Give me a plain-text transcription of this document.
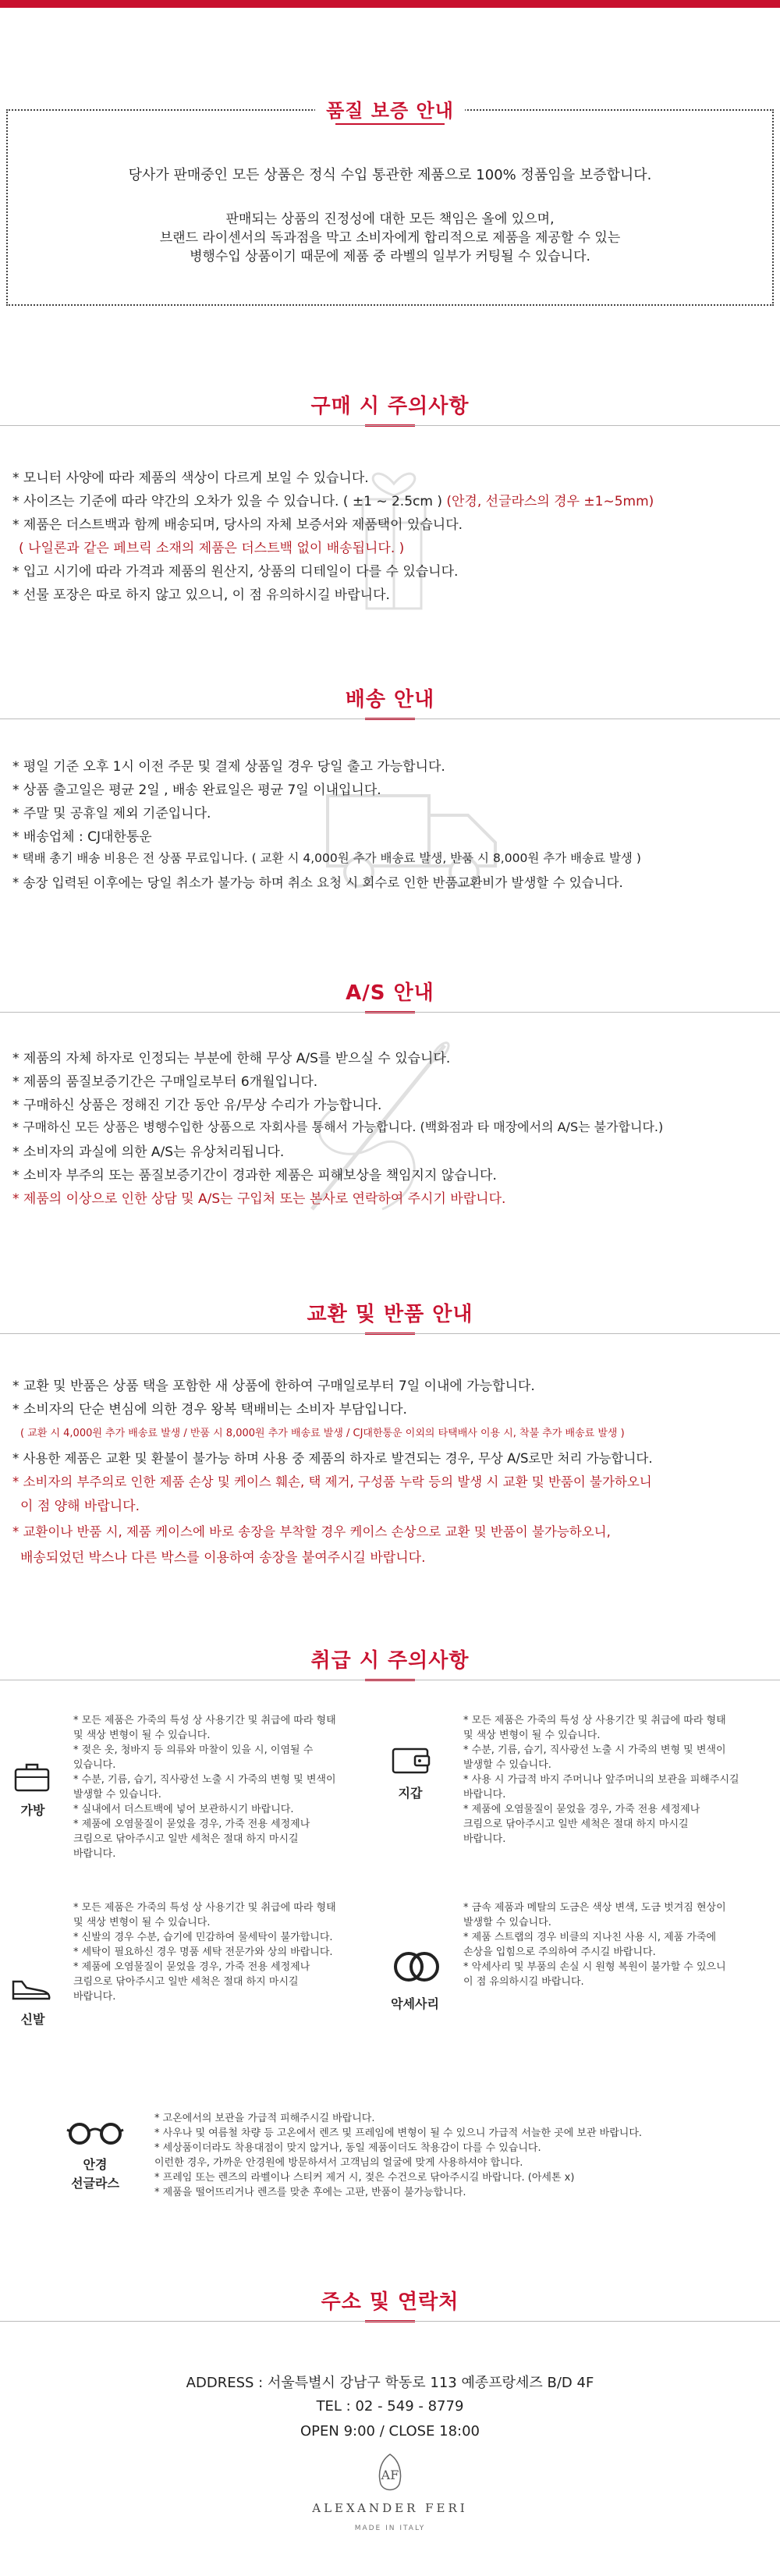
품질 보증 안내
당사가 판매중인 모든 상품은 정식 수입 통관한 제품으로 100% 정품임을 보증합니다.
판매되는 상품의 진정성에 대한 모든 책임은 올에 있으며,
브랜드 라이센서의 독과점을 막고 소비자에게 합리적으로 제품을 제공할 수 있는
병행수입 상품이기 때문에 제품 중 라벨의 일부가 커팅될 수 있습니다.
구매 시 주의사항
* 모니터 사양에 따라 제품의 색상이 다르게 보일 수 있습니다.
* 사이즈는 기준에 따라 약간의 오차가 있을 수 있습니다. ( ±1 ~ 2.5cm ) (안경, 선글라스의 경우 ±1~5mm)
* 제품은 더스트백과 함께 배송되며, 당사의 자체 보증서와 제품택이 있습니다.
( 나일론과 같은 페브릭 소재의 제품은 더스트백 없이 배송됩니다. )
* 입고 시기에 따라 가격과 제품의 원산지, 상품의 디테일이 다를 수 있습니다.
* 선물 포장은 따로 하지 않고 있으니, 이 점 유의하시길 바랍니다.
배송 안내
* 평일 기준 오후 1시 이전 주문 및 결제 상품일 경우 당일 출고 가능합니다.
* 상품 출고일은 평균 2일 , 배송 완료일은 평균 7일 이내입니다.
* 주말 및 공휴일 제외 기준입니다.
* 배송업체 : CJ대한통운
* 택배 총기 배송 비용은 전 상품 무료입니다. ( 교환 시 4,000원 추가 배송료 발생, 반품 시 8,000원 추가 배송료 발생 )
* 송장 입력된 이후에는 당일 취소가 불가능 하며 취소 요청 시 회수로 인한 반품교환비가 발생할 수 있습니다.
A/S 안내
* 제품의 자체 하자로 인정되는 부분에 한해 무상 A/S를 받으실 수 있습니다.
* 제품의 품질보증기간은 구매일로부터 6개월입니다.
* 구매하신 상품은 정해진 기간 동안 유/무상 수리가 가능합니다.
* 구매하신 모든 상품은 병행수입한 상품으로 자회사를 통해서 가능합니다. (백화점과 타 매장에서의 A/S는 불가합니다.)
* 소비자의 과실에 의한 A/S는 유상처리됩니다.
* 소비자 부주의 또는 품질보증기간이 경과한 제품은 피해보상을 책임지지 않습니다.
* 제품의 이상으로 인한 상담 및 A/S는 구입처 또는 본사로 연락하여 주시기 바랍니다.
교환 및 반품 안내
* 교환 및 반품은 상품 택을 포함한 새 상품에 한하여 구매일로부터 7일 이내에 가능합니다.
* 소비자의 단순 변심에 의한 경우 왕복 택배비는 소비자 부담입니다.
( 교환 시 4,000원 추가 배송료 발생 / 반품 시 8,000원 추가 배송료 발생 / CJ대한통운 이외의 타택배사 이용 시, 착불 추가 배송료 발생 )
* 사용한 제품은 교환 및 환불이 불가능 하며 사용 중 제품의 하자로 발견되는 경우, 무상 A/S로만 처리 가능합니다.
* 소비자의 부주의로 인한 제품 손상 및 케이스 훼손, 택 제거, 구성품 누락 등의 발생 시 교환 및 반품이 불가하오니
이 점 양해 바랍니다.
* 교환이나 반품 시, 제품 케이스에 바로 송장을 부착할 경우 케이스 손상으로 교환 및 반품이 불가능하오니,
배송되었던 박스나 다른 박스를 이용하여 송장을 붙여주시길 바랍니다.
취급 시 주의사항
가방
* 모든 제품은 가죽의 특성 상 사용기간 및 취급에 따라 형태
및 색상 변형이 될 수 있습니다.
* 젖은 옷, 청바지 등 의류와 마찰이 있을 시, 이염될 수
있습니다.
* 수분, 기름, 습기, 직사광선 노출 시 가죽의 변형 및 변색이
발생할 수 있습니다.
* 실내에서 더스트백에 넣어 보관하시기 바랍니다.
* 제품에 오염물질이 묻었을 경우, 가죽 전용 세정제나
크림으로 닦아주시고 일반 세척은 절대 하지 마시길
바랍니다.
지갑
* 모든 제품은 가죽의 특성 상 사용기간 및 취급에 따라 형태
및 색상 변형이 될 수 있습니다.
* 수분, 기름, 습기, 직사광선 노출 시 가죽의 변형 및 변색이
발생할 수 있습니다.
* 사용 시 가급적 바지 주머니나 앞주머니의 보관을 피해주시길
바랍니다.
* 제품에 오염물질이 묻었을 경우, 가죽 전용 세정제나
크림으로 닦아주시고 일반 세척은 절대 하지 마시길
바랍니다.
신발
* 모든 제품은 가죽의 특성 상 사용기간 및 취급에 따라 형태
및 색상 변형이 될 수 있습니다.
* 신발의 경우 수분, 습기에 민감하여 물세탁이 불가합니다.
* 세탁이 필요하신 경우 명품 세탁 전문가와 상의 바랍니다.
* 제품에 오염물질이 묻었을 경우, 가죽 전용 세정제나
크림으로 닦아주시고 일반 세척은 절대 하지 마시길
바랍니다.	악세사리
* 금속 제품과 메탈의 도금은 색상 변색, 도금 벗겨짐 현상이
발생할 수 있습니다.
* 제품 스트랩의 경우 비클의 지나친 사용 시, 제품 가죽에
손상을 입힘으로 주의하여 주시길 바랍니다.
* 악세사리 및 부품의 손실 시 원형 복원이 불가할 수 있으니
이 점 유의하시길 바랍니다.
안경
선글라스
* 고온에서의 보관을 가급적 피해주시길 바랍니다.
* 사우나 및 여름철 차량 등 고온에서 렌즈 및 프레임에 변형이 될 수 있으니 가급적 서늘한 곳에 보관 바랍니다.
* 세상품이더라도 착용대점이 맞지 않거나, 동일 제품이더도 착용감이 다를 수 있습니다.
이런한 경우, 가까운 안경원에 방문하셔서 고객님의 얼굴에 맞게 사용하셔야 합니다.
* 프레임 또는 렌즈의 라벨이나 스티커 제거 시, 젖은 수건으로 닦아주시길 바랍니다. (아세톤 x)
* 제품을 떨어뜨리거나 렌즈를 맞춘 후에는 고판, 반품이 불가능합니다.
주소 및 연락처
ADDRESS : 서울특별시 강남구 학동로 113 예종프랑세즈 B/D 4F
TEL : 02 - 549 - 8779
OPEN 9:00 / CLOSE 18:00
AF
ALEXANDER FERI
MADE IN ITALY
